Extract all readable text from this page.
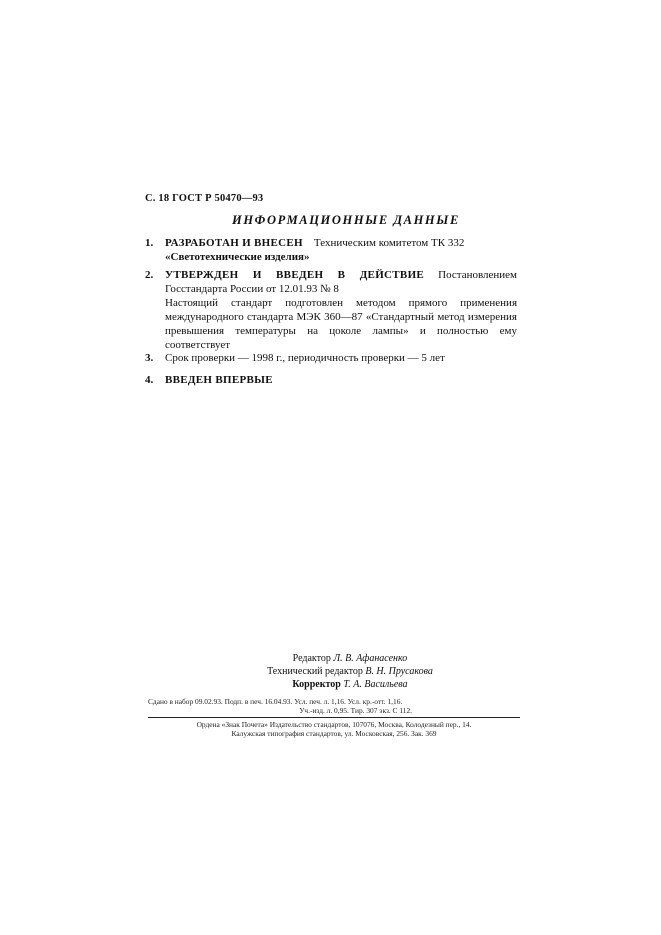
С. 18 ГОСТ Р 50470—93
ИНФОРМАЦИОННЫЕ ДАННЫЕ
1.	РАЗРАБОТАН И ВНЕСЕН Техническим комитетом ТК 332
«Светотехнические изделия»
2.	УТВЕРЖДЕН И ВВЕДЕН В ДЕЙСТВИЕ Постановлением Госстандарта России от 12.01.93 № 8
Настоящий стандарт подготовлен методом прямого применения международного стандарта МЭК 360—87 «Стандартный метод измерения превышения температуры на цоколе лампы» и полностью ему соответствует
3.	Срок проверки — 1998 г., периодичность проверки — 5 лет
4.	ВВЕДЕН ВПЕРВЫЕ
Редактор Л. В. Афанасенко
Технический редактор В. Н. Прусакова
Корректор Т. А. Васильева
Сдано в набор 09.02.93. Подп. в печ. 16.04.93. Усл. печ. л. 1,16. Усл. кр.-отт. 1,16.
Уч.-изд. л. 0,95. Тир. 307 экз. С 112.
Ордена «Знак Почета» Издательство стандартов, 107076, Москва, Колодезный пер., 14.
Калужская типография стандартов, ул. Московская, 256. Зак. 369
